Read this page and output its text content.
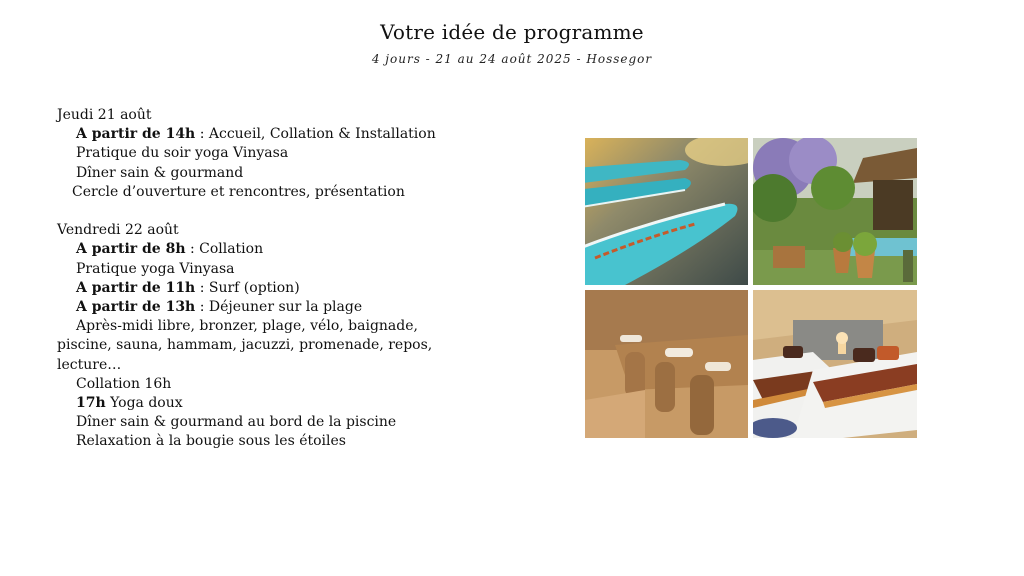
Votre idée de programme
4 jours - 21 au 24 août 2025 - Hossegor
Jeudi 21 août
A partir de 14h : Accueil, Collation & Installation
Pratique du soir yoga Vinyasa
Dîner sain & gourmand
Cercle d’ouverture et rencontres, présentation
Vendredi 22 août
A partir de 8h : Collation
Pratique yoga Vinyasa
A partir de 11h : Surf (option)
A partir de 13h : Déjeuner sur la plage
Après-midi libre, bronzer, plage, vélo, baignade, piscine, sauna, hammam, jacuzzi, promenade, repos, lecture…
Collation 16h
17h Yoga doux
Dîner sain & gourmand au bord de la piscine
Relaxation à la bougie sous les étoiles
